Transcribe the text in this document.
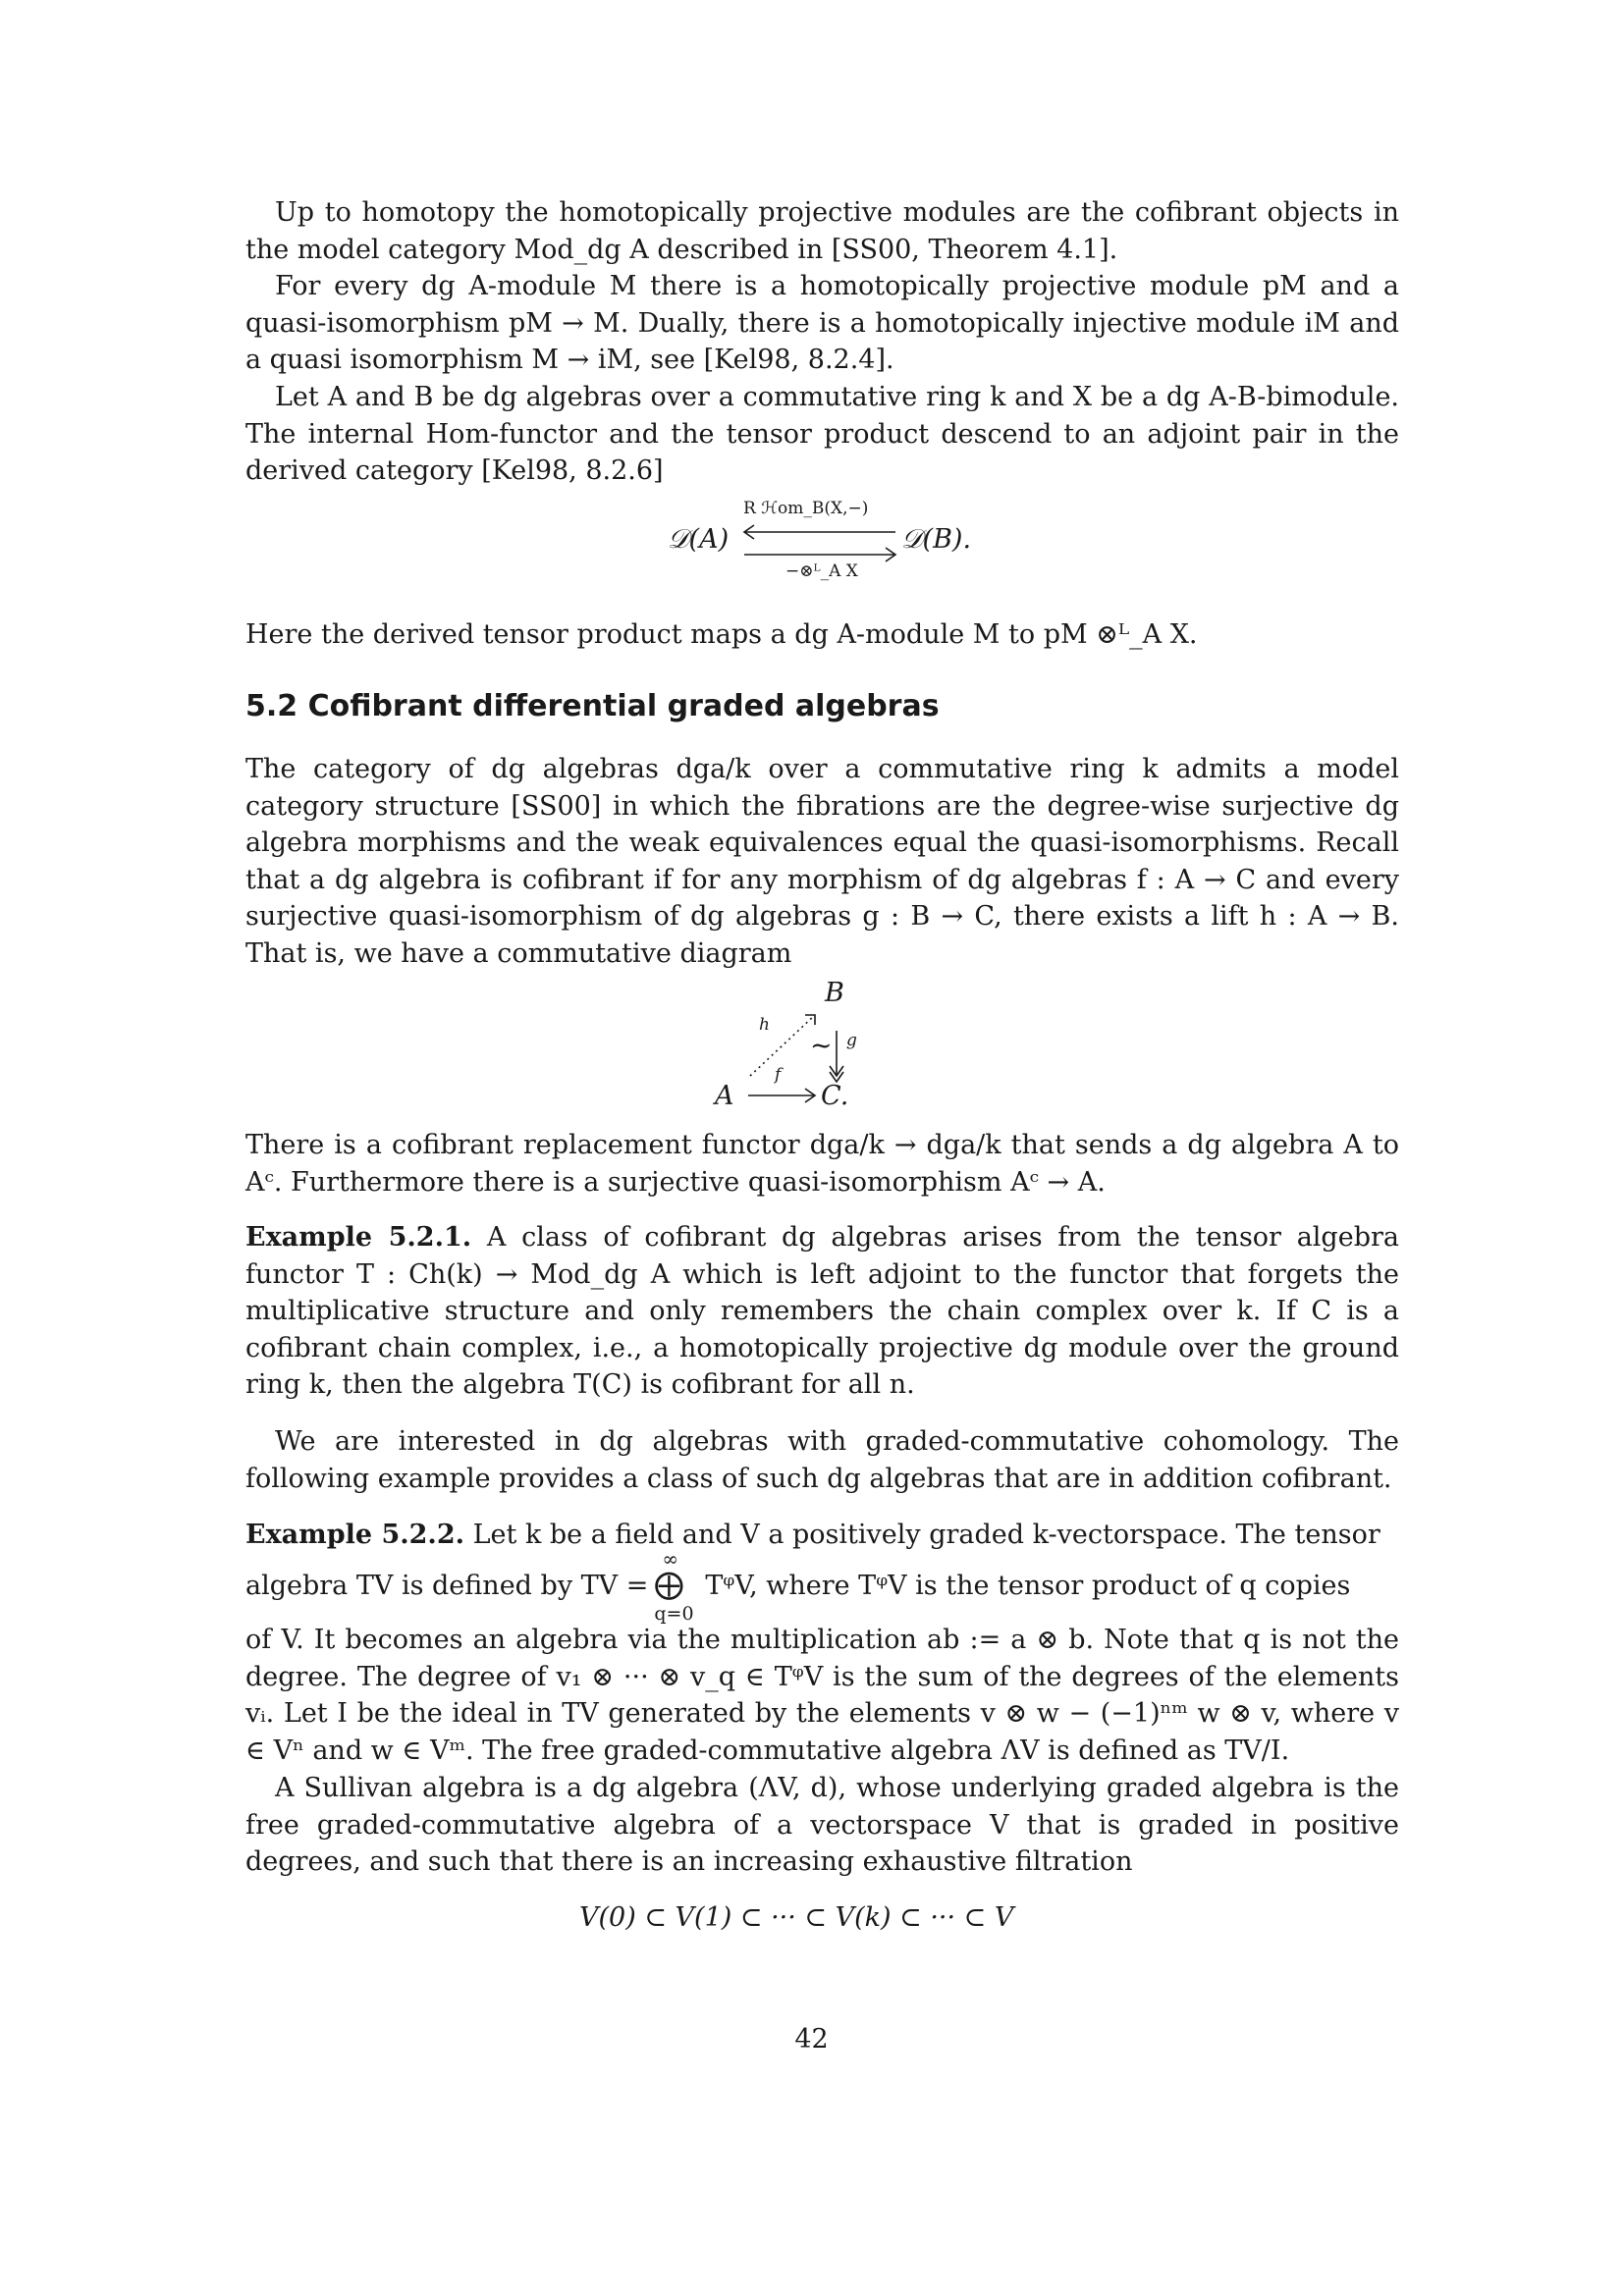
Up to homotopy the homotopically projective modules are the cofibrant objects in the model category Mod_dg A described in [SS00, Theorem 4.1].
For every dg A-module M there is a homotopically projective module pM and a quasi-isomorphism pM → M. Dually, there is a homotopically injective module iM and a quasi isomorphism M → iM, see [Kel98, 8.2.4].
Let A and B be dg algebras over a commutative ring k and X be a dg A-B-bimodule. The internal Hom-functor and the tensor product descend to an adjoint pair in the derived category [Kel98, 8.2.6]
R ℋom_B(X,−)
𝒟(A)	𝒟(B).
−⊗ᴸ_A X
Here the derived tensor product maps a dg A-module M to pM ⊗ᴸ_A X.
5.2 Cofibrant differential graded algebras
The category of dg algebras dga/k over a commutative ring k admits a model category structure [SS00] in which the fibrations are the degree-wise surjective dg algebra morphisms and the weak equivalences equal the quasi-isomorphisms. Recall that a dg algebra is cofibrant if for any morphism of dg algebras f : A → C and every surjective quasi-isomorphism of dg algebras g : B → C, there exists a lift h : A → B. That is, we have a commutative diagram
B
A	C.
h
f
g
~
There is a cofibrant replacement functor dga/k → dga/k that sends a dg algebra A to Aᶜ. Furthermore there is a surjective quasi-isomorphism Aᶜ → A.
Example 5.2.1. A class of cofibrant dg algebras arises from the tensor algebra functor T : Ch(k) → Mod_dg A which is left adjoint to the functor that forgets the multiplicative structure and only remembers the chain complex over k. If C is a cofibrant chain complex, i.e., a homotopically projective dg module over the ground ring k, then the algebra T(C) is cofibrant for all n.
We are interested in dg algebras with graded-commutative cohomology. The following example provides a class of such dg algebras that are in addition cofibrant.
Example 5.2.2. Let k be a field and V a positively graded k-vectorspace. The tensor
algebra TV is defined by TV =
∞
⨁
q=0
TᵠV, where TᵠV is the tensor product of q copies
of V. It becomes an algebra via the multiplication ab := a ⊗ b. Note that q is not the degree. The degree of v₁ ⊗ ··· ⊗ v_q ∈ TᵠV is the sum of the degrees of the elements vᵢ. Let I be the ideal in TV generated by the elements v ⊗ w − (−1)ⁿᵐ w ⊗ v, where v ∈ Vⁿ and w ∈ Vᵐ. The free graded-commutative algebra ΛV is defined as TV/I.
A Sullivan algebra is a dg algebra (ΛV, d), whose underlying graded algebra is the free graded-commutative algebra of a vectorspace V that is graded in positive degrees, and such that there is an increasing exhaustive filtration
V(0) ⊂ V(1) ⊂ ··· ⊂ V(k) ⊂ ··· ⊂ V
42
